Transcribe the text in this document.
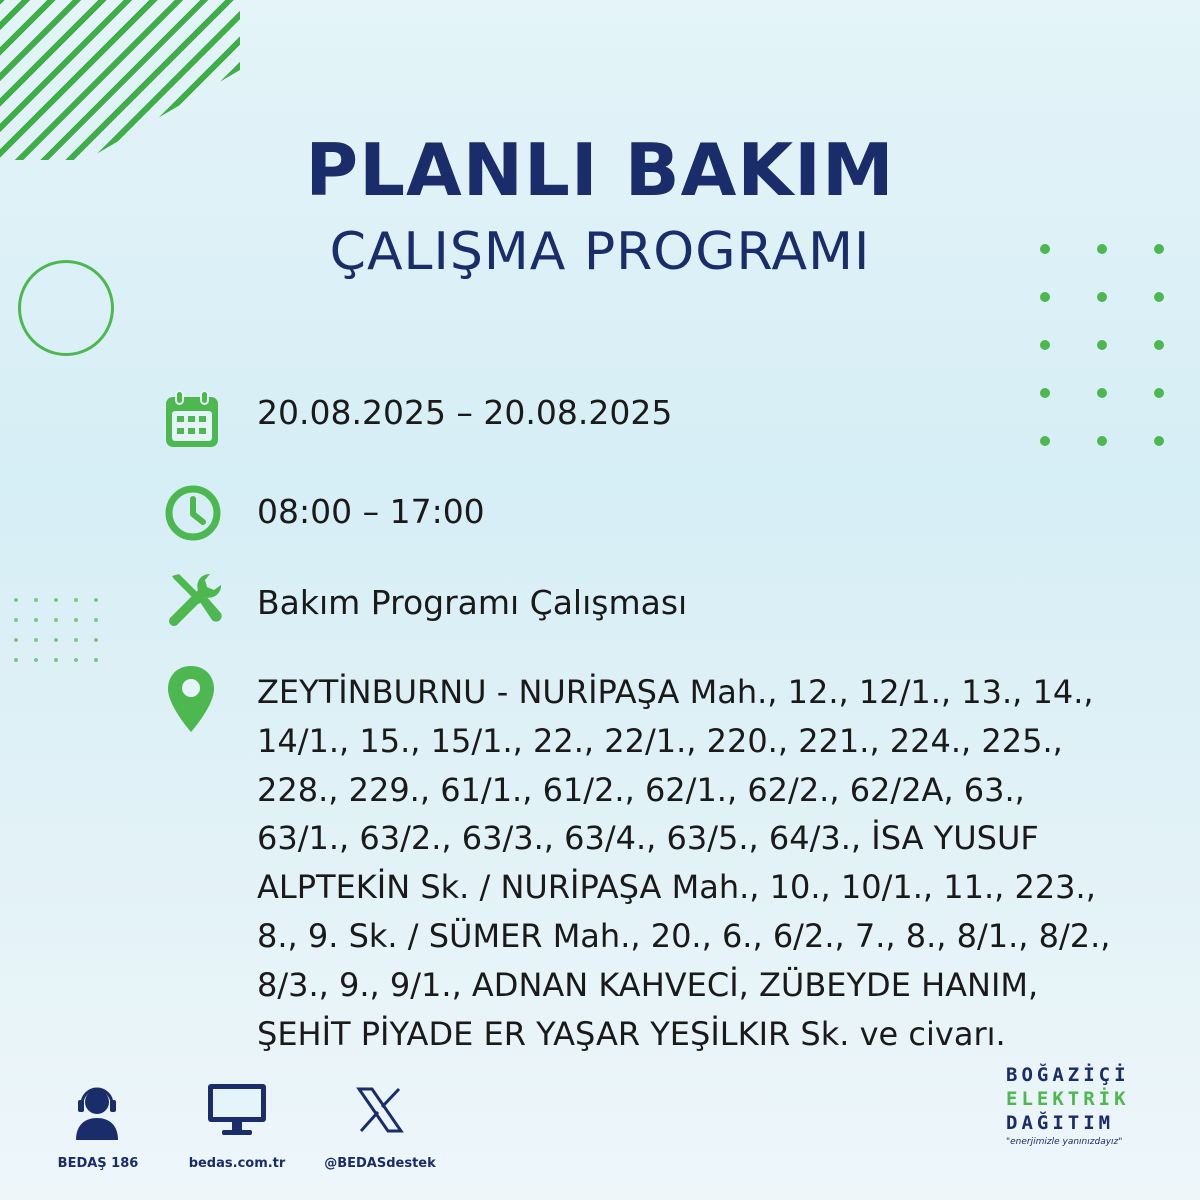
PLANLI BAKIM
ÇALIŞMA PROGRAMI
20.08.2025 – 20.08.2025
08:00 – 17:00
Bakım Programı Çalışması
ZEYTİNBURNU - NURİPAŞA Mah., 12., 12/1., 13., 14.,
14/1., 15., 15/1., 22., 22/1., 220., 221., 224., 225.,
228., 229., 61/1., 61/2., 62/1., 62/2., 62/2A, 63.,
63/1., 63/2., 63/3., 63/4., 63/5., 64/3., İSA YUSUF
ALPTEKİN Sk. / NURİPAŞA Mah., 10., 10/1., 11., 223.,
8., 9. Sk. / SÜMER Mah., 20., 6., 6/2., 7., 8., 8/1., 8/2.,
8/3., 9., 9/1., ADNAN KAHVECİ, ZÜBEYDE HANIM,
ŞEHİT PİYADE ER YAŞAR YEŞİLKIR Sk. ve civarı.
BEDAŞ 186	bedas.com.tr	@BEDASdestek
BOĞAZİÇİ
ELEKTRİK
DAĞITIM
"enerjimizle yanınızdayız"
